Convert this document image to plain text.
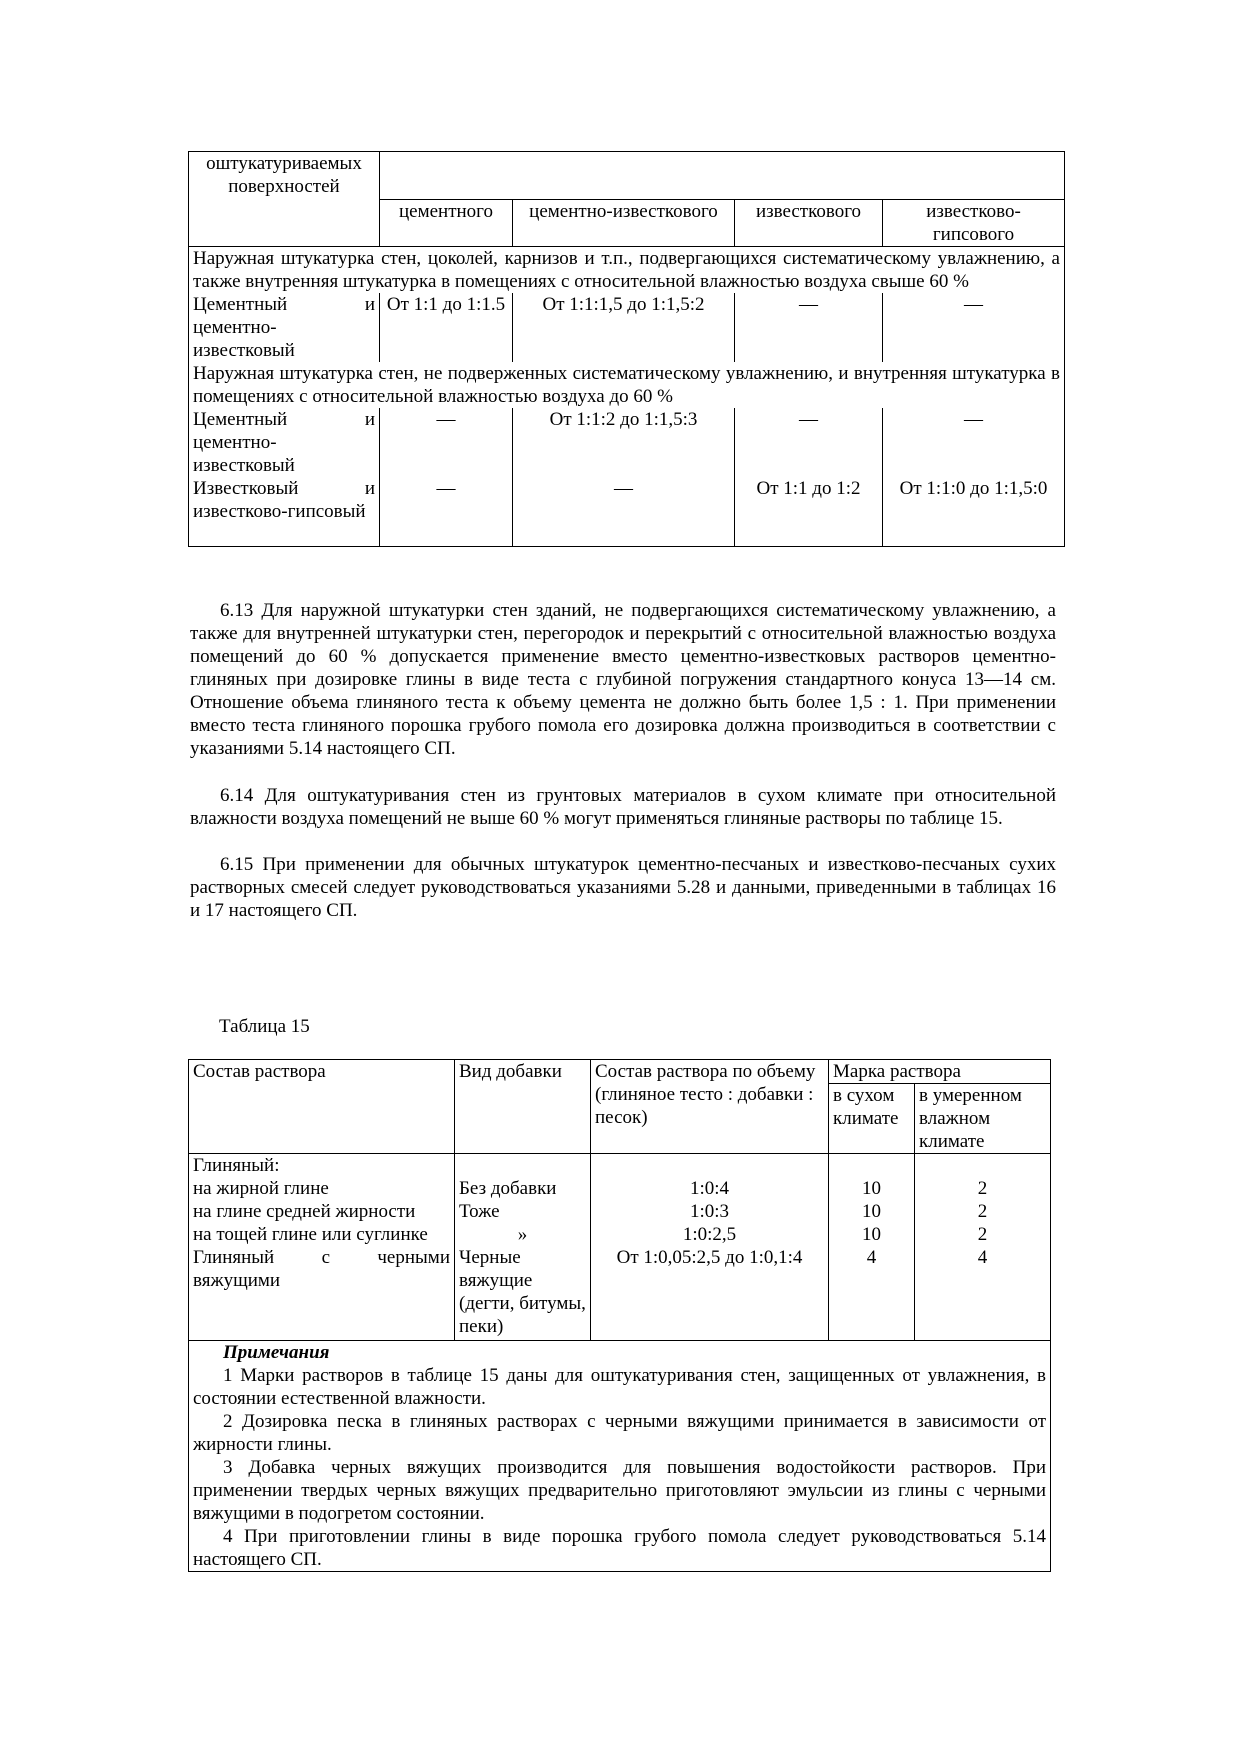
оштукатуриваемых поверхностей				
	цементного	цементно-известкового	известкового	известково-гипсового
Наружная штукатурка стен, цоколей, карнизов и т.п., подвергающихся систематическому увлажнению, а также внутренняя штукатурка в помещениях с относительной влажностью воздуха свыше 60 %				

Цементный и
цементно-известковый	От 1:1 до 1:1.5	От 1:1:1,5 до 1:1,5:2	—	—
Наружная штукатурка стен, не подверженных систематическому увлажнению, и внутренняя штукатурка в помещениях с относительной влажностью воздуха до 60 %				

Цементный и
цементно-известковый	—	От 1:1:2 до 1:1,5:3	—	—

Известковый и
известково-гипсовый	—	—	От 1:1 до 1:2	От 1:1:0 до 1:1,5:0
6.13 Для наружной штукатурки стен зданий, не подвергающихся систематическому увлажнению, а также для внутренней штукатурки стен, перегородок и перекрытий с относительной влажностью воздуха помещений до 60 % допускается применение вместо цементно-известковых растворов цементно-глиняных при дозировке глины в виде теста с глубиной погружения стандартного конуса 13—14 см. Отношение объема глиняного теста к объему цемента не должно быть более 1,5 : 1. При применении вместо теста глиняного порошка грубого помола его дозировка должна производиться в соответствии с указаниями 5.14 настоящего СП.
6.14 Для оштукатуривания стен из грунтовых материалов в сухом климате при относительной влажности воздуха помещений не выше 60 % могут применяться глиняные растворы по таблице 15.
6.15 При применении для обычных штукатурок цементно-песчаных и известково-песчаных сухих растворных смесей следует руководствоваться указаниями 5.28 и данными, приведенными в таблицах 16 и 17 настоящего СП.
Таблица 15
Состав раствора	Вид добавки	Состав раствора по объему (глиняное тесто : добавки : песок)	Марка раствора	
			в сухом климате	в умеренном влажном климате
Глиняный:				
на жирной глине	Без добавки	1:0:4	10	2
на глине средней жирности	Тоже	1:0:3	10	2
на тощей глине или суглинке	»	1:0:2,5	10	2

Глиняный с черными
вяжущими	Черные вяжущие (дегти, битумы, пеки)	От 1:0,05:2,5 до 1:0,1:4	4	4

Примечания

1 Марки растворов в таблице 15 даны для оштукатуривания стен, защищенных от увлажнения, в состоянии естественной влажности.

2 Дозировка песка в глиняных растворах с черными вяжущими принимается в зависимости от жирности глины.

3 Добавка черных вяжущих производится для повышения водостойкости растворов. При применении твердых черных вяжущих предварительно приготовляют эмульсии из глины с черными вяжущими в подогретом состоянии.

4 При приготовлении глины в виде порошка грубого помола следует руководствоваться 5.14 настоящего СП.				
